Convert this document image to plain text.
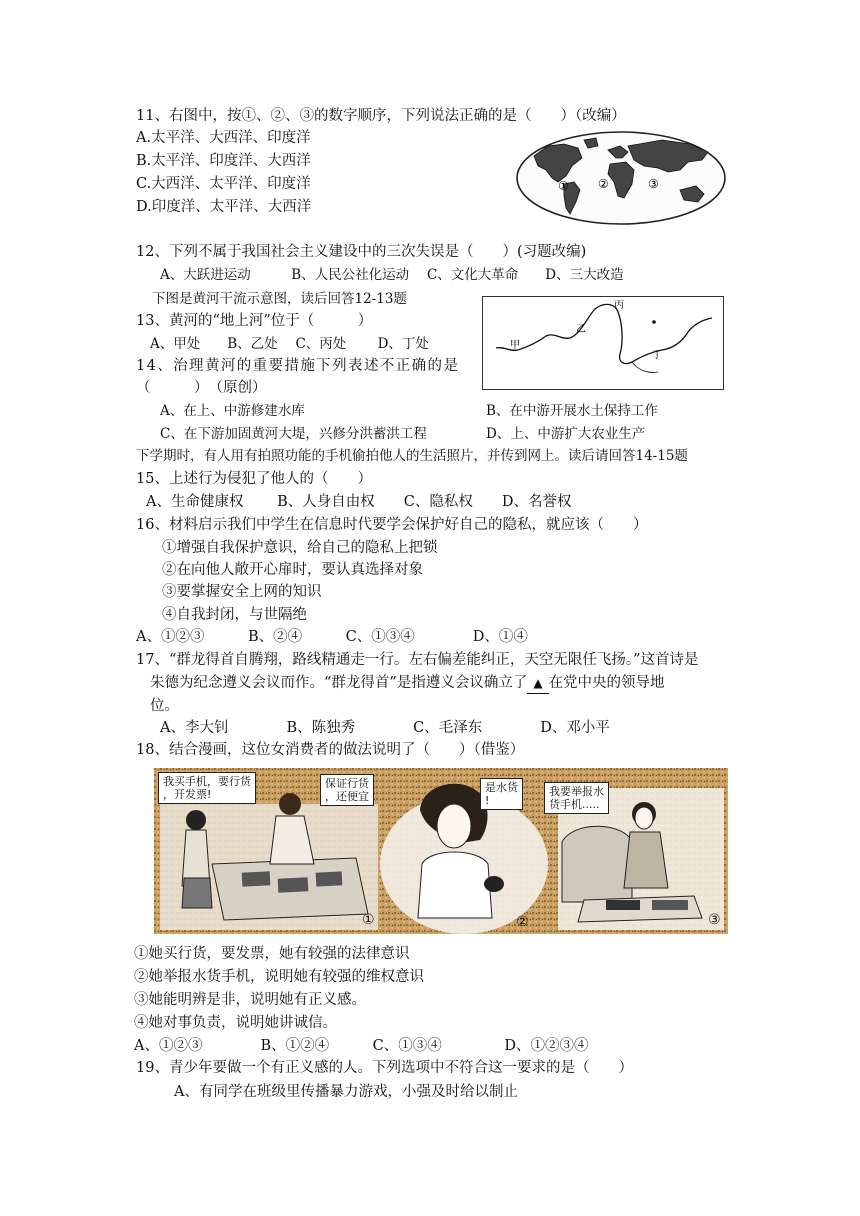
11、右图中，按①、②、③的数字顺序，下列说法正确的是（　　）（改编）
A.太平洋、大西洋、印度洋
B.太平洋、印度洋、大西洋
C.大西洋、太平洋、印度洋
D.印度洋、太平洋、大西洋
① ②	③
12、下列不属于我国社会主义建设中的三次失误是（　　）(习题改编)
A、大跃进运动　　　B、人民公社化运动　 C、文化大革命　　D、三大改造
下图是黄河干流示意图，读后回答12-13题
13、黄河的“地上河”位于（　　　）
A、甲处　　B、乙处　 C、丙处　　 D、丁处	甲
乙
丙
丁
14、治理黄河的重要措施下列表述不正确的是
（　　　）　（原创）
A、在上、中游修建水库	B、在中游开展水土保持工作
C、在下游加固黄河大堤，兴修分洪蓄洪工程	D、上、中游扩大农业生产
下学期时，有人用有拍照功能的手机偷拍他人的生活照片，并传到网上。读后请回答14-15题
15、上述行为侵犯了他人的（　　）
A、生命健康权　　 B、人身自由权　　C、隐私权　　D、名誉权
16、材料启示我们中学生在信息时代要学会保护好自己的隐私，就应该（　　）
①增强自我保护意识，给自己的隐私上把锁
②在向他人敞开心扉时，要认真选择对象
③要掌握安全上网的知识
④自我封闭，与世隔绝
A、①②③　　　B、②④　　　C、①③④　　　　D、①④
17、“群龙得首自腾翔，路线精通走一行。左右偏差能纠正，天空无限任飞扬。”这首诗是
朱德为纪念遵义会议而作。“群龙得首”是指遵义会议确立了 ▲ 在党中央的领导地
位。
A、李大钊　　　　B、陈独秀　　　　C、毛泽东　　　　D、邓小平
18、结合漫画，这位女消费者的做法说明了（　　）（借鉴）
我买手机，要行货
，开发票!
保证行货
，还便宜
是水货
!
我要举报水
货手机.....
①	②	③
①她买行货，要发票，她有较强的法律意识
②她举报水货手机，说明她有较强的维权意识
③她能明辨是非，说明她有正义感。
④她对事负责，说明她讲诚信。
A、①②③　　　　B、①②④　　　C、①③④　　　　 D、①②③④
19、青少年要做一个有正义感的人。下列选项中不符合这一要求的是（　　）
A、有同学在班级里传播暴力游戏，小强及时给以制止
